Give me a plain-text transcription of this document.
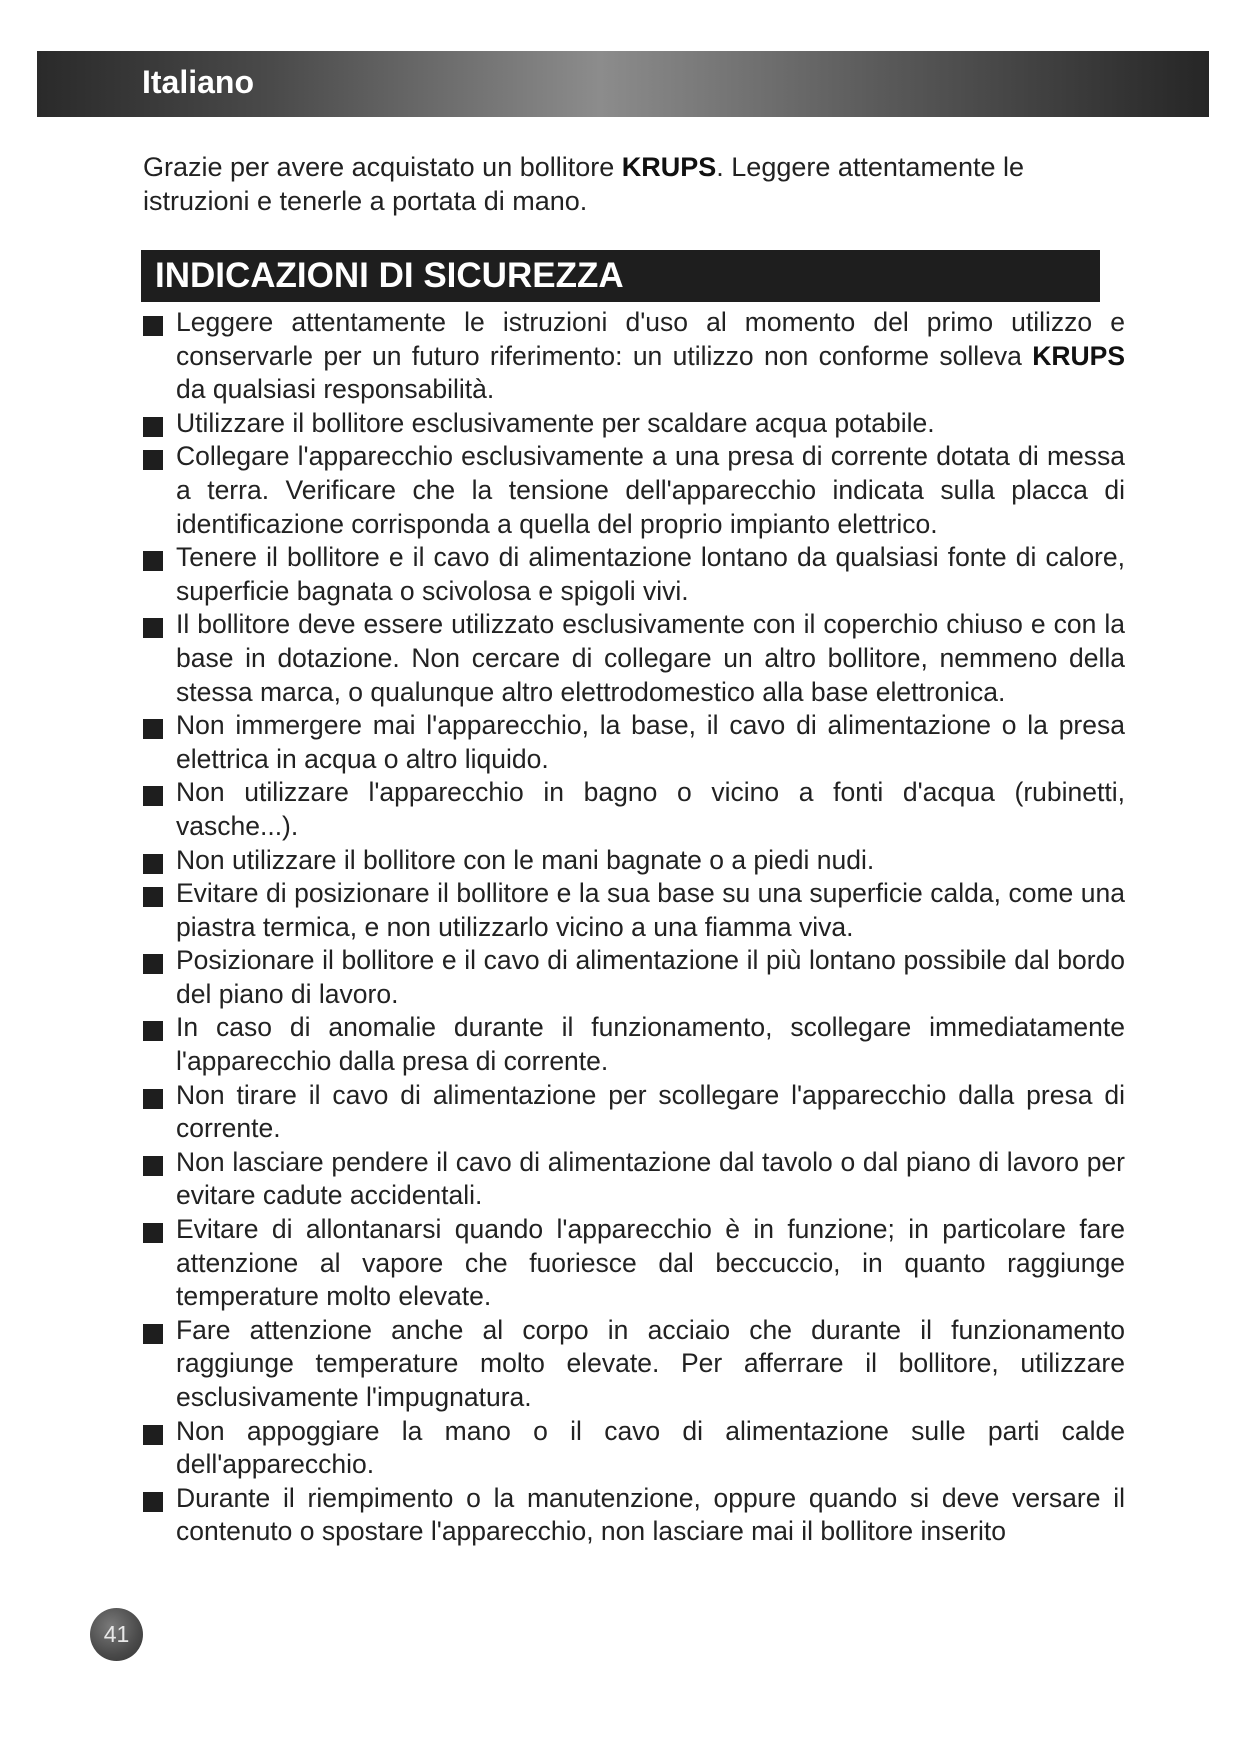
Italiano

Grazie per avere acquistato un bollitore KRUPS. Leggere attentamente le istruzioni e tenerle a portata di mano.

INDICAZIONI DI SICUREZZA
Leggere attentamente le istruzioni d'uso al momento del primo utilizzo e conservarle per un futuro riferimento: un utilizzo non conforme solleva KRUPS da qualsiasi responsabilità.
Utilizzare il bollitore esclusivamente per scaldare acqua potabile.
Collegare l'apparecchio esclusivamente a una presa di corrente dotata di messa a terra. Verificare che la tensione dell'apparecchio indicata sulla placca di identificazione corrisponda a quella del proprio impianto elettrico.
Tenere il bollitore e il cavo di alimentazione lontano da qualsiasi fonte di calore, superficie bagnata o scivolosa e spigoli vivi.
Il bollitore deve essere utilizzato esclusivamente con il coperchio chiuso e con la base in dotazione. Non cercare di collegare un altro bollitore, nemmeno della stessa marca, o qualunque altro elettrodomestico alla base elettronica.
Non immergere mai l'apparecchio, la base, il cavo di alimentazione o la presa elettrica in acqua o altro liquido.
Non utilizzare l'apparecchio in bagno o vicino a fonti d'acqua (rubinetti, vasche...).
Non utilizzare il bollitore con le mani bagnate o a piedi nudi.
Evitare di posizionare il bollitore e la sua base su una superficie calda, come una piastra termica, e non utilizzarlo vicino a una fiamma viva.
Posizionare il bollitore e il cavo di alimentazione il più lontano possibile dal bordo del piano di lavoro.
In caso di anomalie durante il funzionamento, scollegare immediatamente l'apparecchio dalla presa di corrente.
Non tirare il cavo di alimentazione per scollegare l'apparecchio dalla presa di corrente.
Non lasciare pendere il cavo di alimentazione dal tavolo o dal piano di lavoro per evitare cadute accidentali.
Evitare di allontanarsi quando l'apparecchio è in funzione; in particolare fare attenzione al vapore che fuoriesce dal beccuccio, in quanto raggiunge temperature molto elevate.
Fare attenzione anche al corpo in acciaio che durante il funzionamento raggiunge temperature molto elevate. Per afferrare il bollitore, utilizzare esclusivamente l'impugnatura.
Non appoggiare la mano o il cavo di alimentazione sulle parti calde dell'apparecchio.
Durante il riempimento o la manutenzione, oppure quando si deve versare il contenuto o spostare l'apparecchio, non lasciare mai il bollitore inserito
41
